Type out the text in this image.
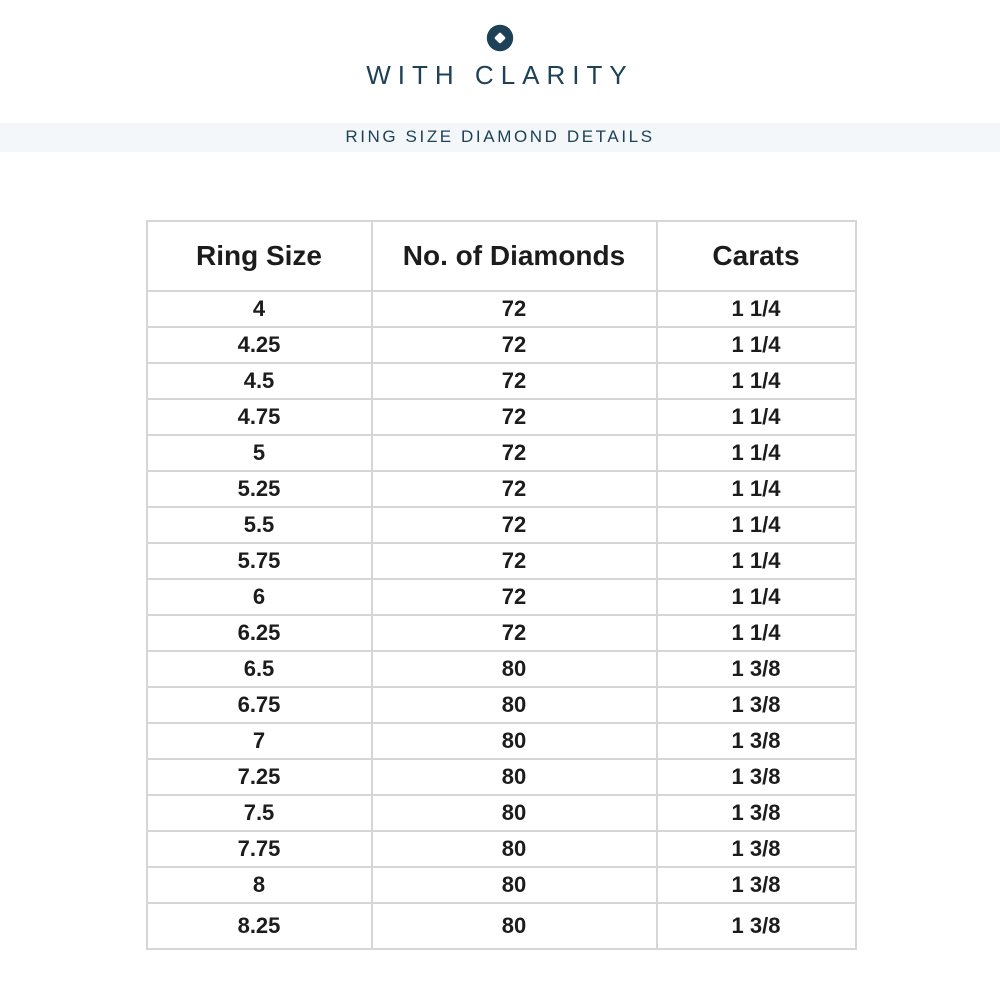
WITH CLARITY
RING SIZE DIAMOND DETAILS
Ring Size	No. of Diamonds	Carats
4	72	1 1/4
4.25	72	1 1/4
4.5	72	1 1/4
4.75	72	1 1/4
5	72	1 1/4
5.25	72	1 1/4
5.5	72	1 1/4
5.75	72	1 1/4
6	72	1 1/4
6.25	72	1 1/4
6.5	80	1 3/8
6.75	80	1 3/8
7	80	1 3/8
7.25	80	1 3/8
7.5	80	1 3/8
7.75	80	1 3/8
8	80	1 3/8
8.25	80	1 3/8
